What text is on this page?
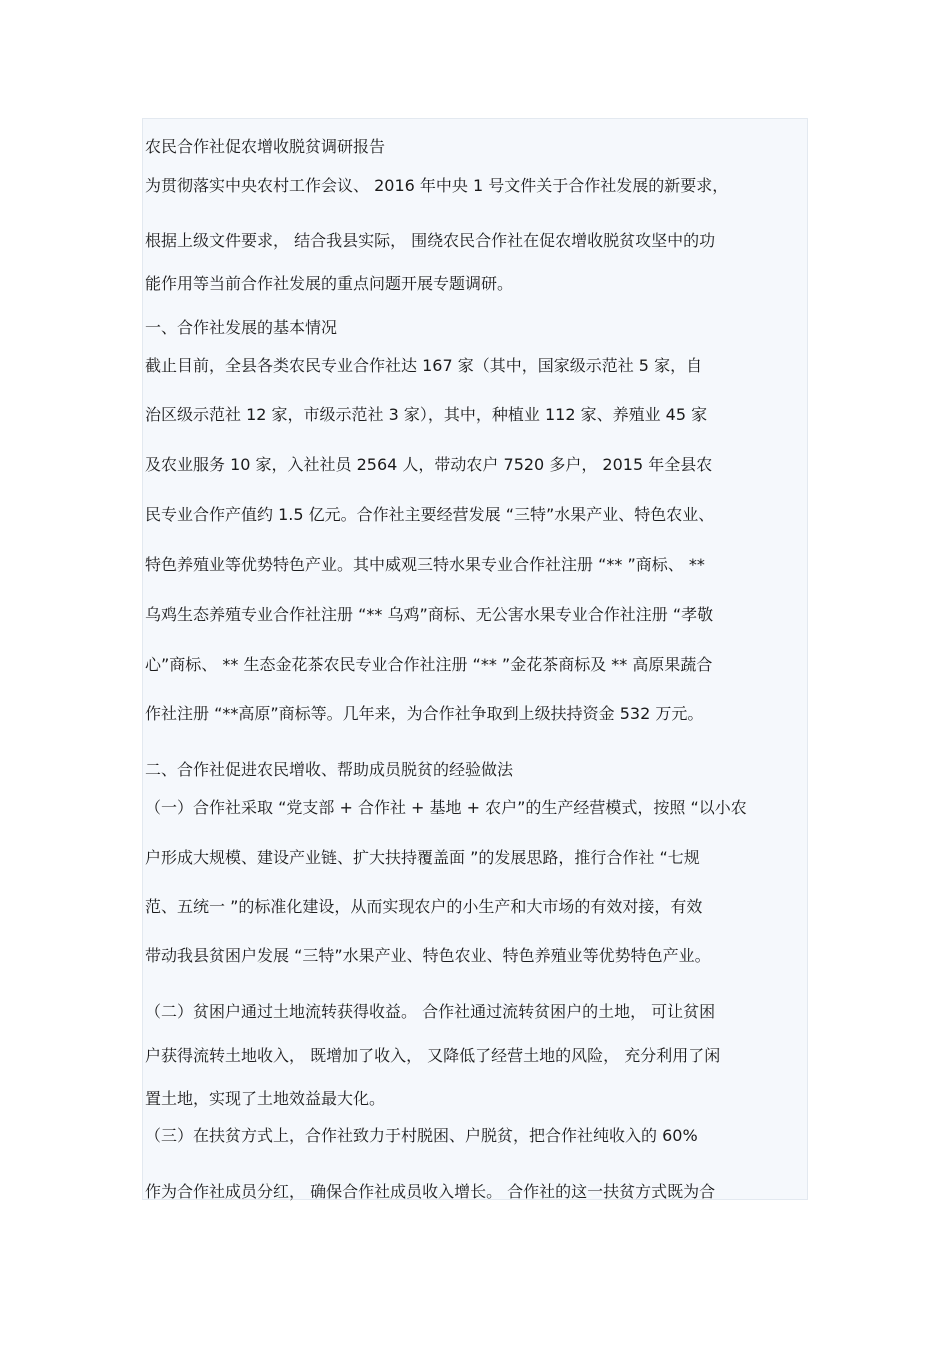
农民合作社促农增收脱贫调研报告
为贯彻落实中央农村工作会议、 2016 年中央 1 号文件关于合作社发展的新要求，
根据上级文件要求， 结合我县实际， 围绕农民合作社在促农增收脱贫攻坚中的功
能作用等当前合作社发展的重点问题开展专题调研。
一、合作社发展的基本情况
截止目前，全县各类农民专业合作社达 167 家（其中，国家级示范社 5 家，自
治区级示范社 12 家，市级示范社 3 家），其中，种植业 112 家、养殖业 45 家
及农业服务 10 家，入社社员 2564 人，带动农户 7520 多户， 2015 年全县农
民专业合作产值约 1.5 亿元。合作社主要经营发展 “三特”水果产业、特色农业、
特色养殖业等优势特色产业。其中威观三特水果专业合作社注册 “** ”商标、 **
乌鸡生态养殖专业合作社注册 “** 乌鸡”商标、无公害水果专业合作社注册 “孝敬
心”商标、 ** 生态金花茶农民专业合作社注册 “** ”金花茶商标及 ** 高原果蔬合
作社注册 “**高原”商标等。几年来，为合作社争取到上级扶持资金 532 万元。
二、合作社促进农民增收、帮助成员脱贫的经验做法
（一）合作社采取 “党支部 + 合作社 + 基地 + 农户”的生产经营模式，按照 “以小农
户形成大规模、建设产业链、扩大扶持覆盖面 ”的发展思路，推行合作社 “七规
范、五统一 ”的标准化建设，从而实现农户的小生产和大市场的有效对接，有效
带动我县贫困户发展 “三特”水果产业、特色农业、特色养殖业等优势特色产业。
（二）贫困户通过土地流转获得收益。 合作社通过流转贫困户的土地， 可让贫困
户获得流转土地收入， 既增加了收入， 又降低了经营土地的风险， 充分利用了闲
置土地，实现了土地效益最大化。
（三）在扶贫方式上，合作社致力于村脱困、户脱贫，把合作社纯收入的 60%
作为合作社成员分红， 确保合作社成员收入增长。 合作社的这一扶贫方式既为合
